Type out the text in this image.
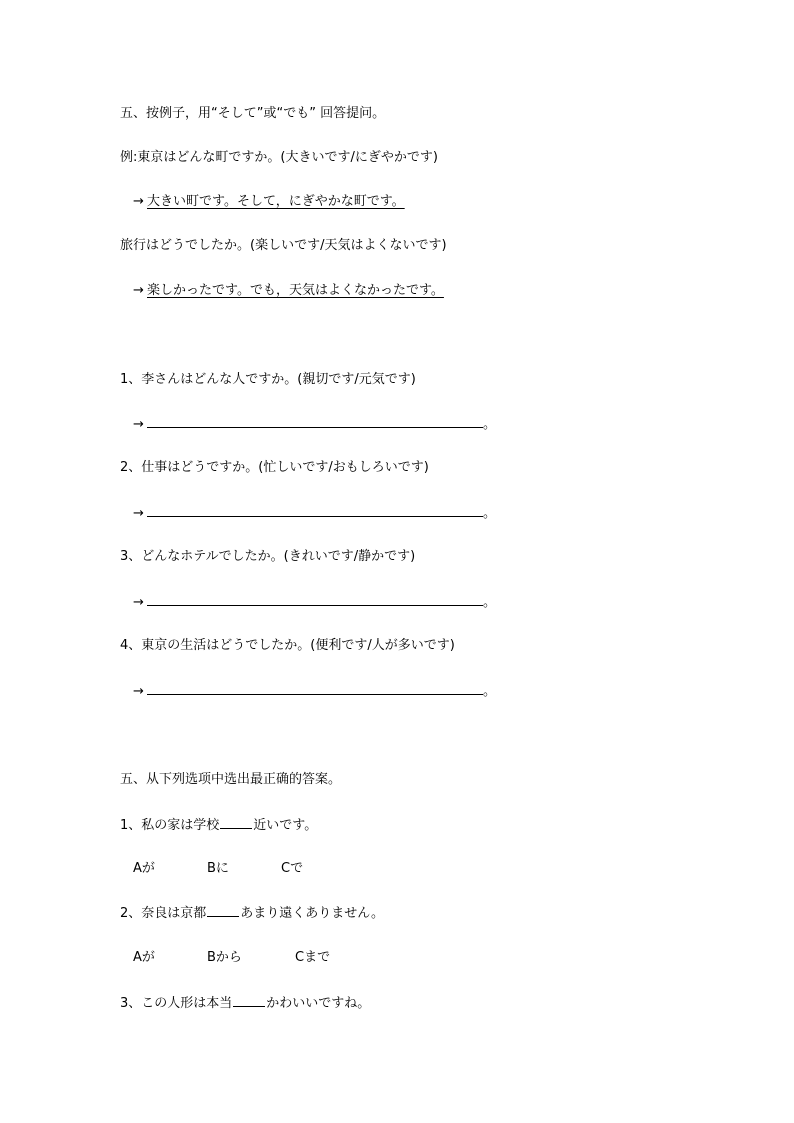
五、按例子，用“そして”或“でも” 回答提问。
例:東京はどんな町ですか。(大きいです/にぎやかです)
→ 大きい町です。そして，にぎやかな町です。
旅行はどうでしたか。(楽しいです/天気はよくないです)
→ 楽しかったです。でも，天気はよくなかったです。
1、李さんはどんな人ですか。(親切です/元気です)
→	。
2、仕事はどうですか。(忙しいです/おもしろいです)
→	。
3、どんなホテルでしたか。(きれいです/静かです)
→	。
4、東京の生活はどうでしたか。(便利です/人が多いです)
→	。
五、从下列选项中选出最正确的答案。
1、私の家は学校	近いです。
Aが	Bに	Cで
2、奈良は京都	あまり遠くありません。
Aが	Bから	Cまで
3、この人形は本当	かわいいですね。
